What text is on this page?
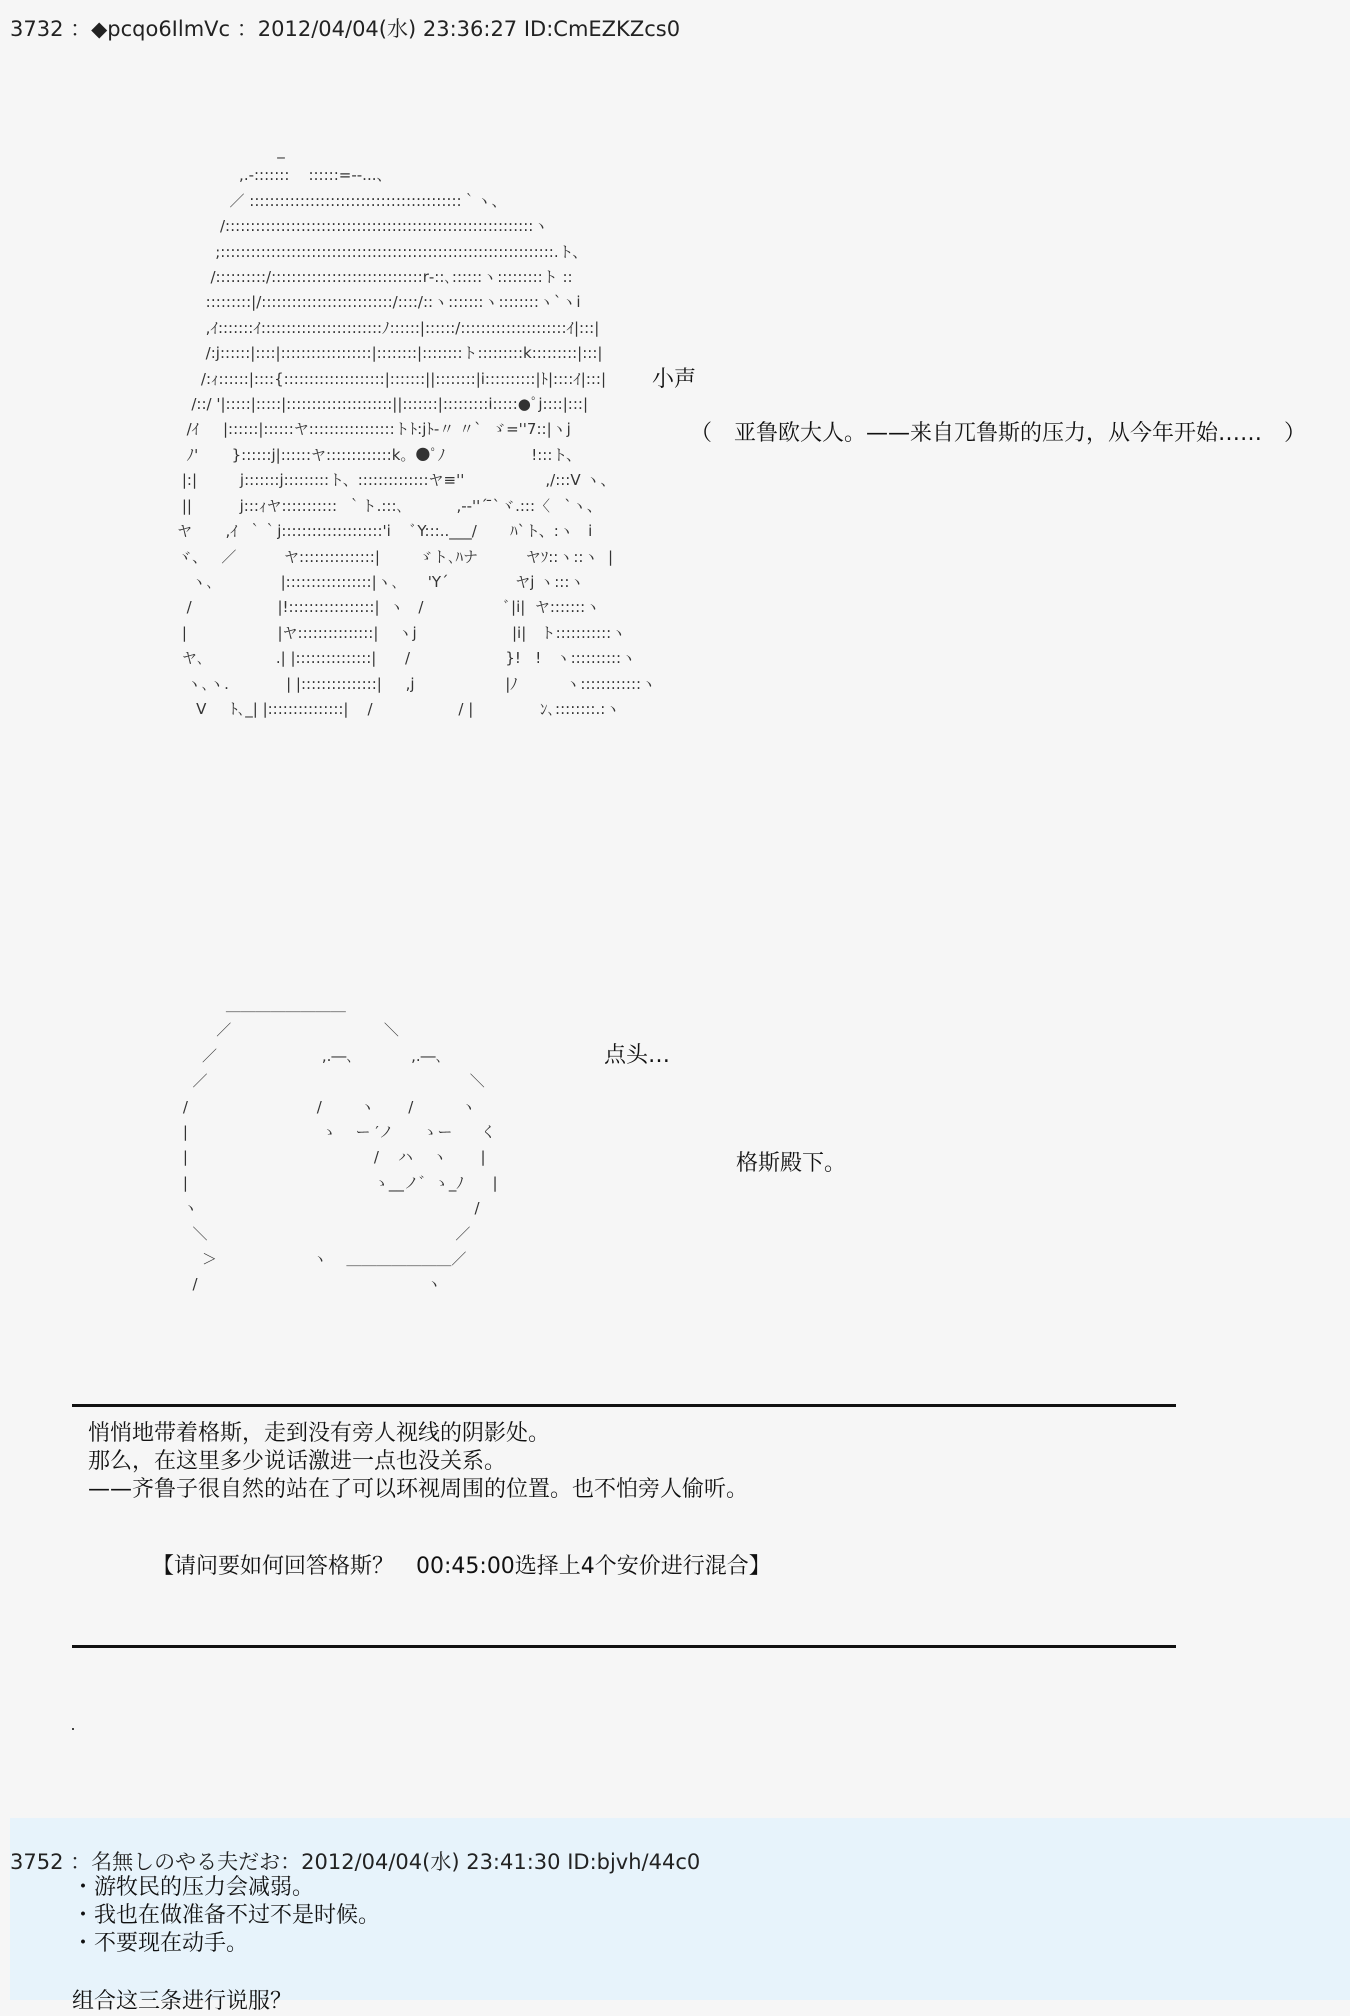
3732 ：◆pcqo6IlmVc ：2012/04/04(水) 23:36:27 ID:CmEZKZcs0
_
,.-:::::::    ::::::=-‐...、
／ ::::::::::::::::::::::::::::::::::::::::::｀ヽ、
/:::::::::::::::::::::::::::::::::::::::::::::::::::::::::::::ヽ
;::::::::::::::::::::::::::::::::::::::::::::::::::::::::::::::::::.ト、
/::::::::::/::::::::::::::::::::::::::::::r‐::､::::::ヽ:::::::::ト ::
:::::::::|/::::::::::::::::::::::::::/::::/::ヽ:::::::ヽ::::::::ヽ`ヽi
,ｲ:::::::ｲ::::::::::::::::::::::::ﾉ::::::|::::::/:::::::::::::::::::::ｲ|:::|
/:j::::::|::::|::::::::::::::::::|::::::::|::::::::ト:::::::::k:::::::::|:::|
/:ｨ::::::|::::{::::::::::::::::::::|:::::::||::::::::|i::::::::::|ﾄ|::::ｲ|:::|
/::/ '|:::::|:::::|:::::::::::::::::::::||:::::::|:::::::::i:::::●ﾟj::::|:::|
/ｲ     |::::::|::::::ヤ:::::::::::::::::トﾄ:jﾄ‐〃 〃`  ゞ=''7::|ヽj
ﾉ'       }::::::j|::::::ヤ:::::::::::::k。●ﾟﾉ                  !:::ト、
|:|         j:::::::j:::::::::ト、::::::::::::::ヤ≡''                 ,/:::V ヽ、
||          j:::ｨヤ:::::::::::  ｀ト.:::､           ,-‐''´ ̄`ヾ.:::〈   `ヽ、
ヤ       ,ｲ  ｀｀j::::::::::::::::::::'i    ﾞY:::..___/       ﾊ`ト、:ヽ   i
ヾ、   ／          ヤ:::::::::::::::|        ゞト､ﾊナ          ヤｿ::ヽ::ヽ  |
ヽ､              |:::::::::::::::::|ヽ､      'Y´              ヤj ヽ:::ヽ
/                  |!:::::::::::::::::|  ヽ   /                 ﾞ|i|  ヤ:::::::ヽ
|                   |ヤ:::::::::::::::|    ヽj                    |i|   ト:::::::::::ヽ
ヤ､               .| |:::::::::::::::|      /                    }!   !   ヽ::::::::::ヽ
ヽ､ヽ.            | |:::::::::::::::|     ,j                   |ﾉ          ヽ::::::::::::ヽ
V     ﾄ､_| |:::::::::::::::|    /                  / |              ﾝ､::::::::.:ヽ
小声
（　亚鲁欧大人。——来自兀鲁斯的压力，从今年开始……　）
＿＿＿＿＿＿＿＿
／                                ＼
／                      ,.―､            ,.―､
／                                                       ＼
/                           /        ヽ       /          ヽ
|                            ゝ    ー ′ノ      ゝー      く
|                                       /    ハ    ヽ       |
|                                       ゝ__ノ゛ゝ_ﾉ      |
ヽ                                                          /
＼                                                    ／
＞                    ヽ    ＿＿＿＿＿＿＿／
/                                                ヽ
点头…
格斯殿下。
悄悄地带着格斯，走到没有旁人视线的阴影处。
那么，在这里多少说话激进一点也没关系。
——齐鲁子很自然的站在了可以环视周围的位置。也不怕旁人偷听。
【请问要如何回答格斯？　00:45:00选择上4个安价进行混合】
3752 ：名無しのやる夫だお：2012/04/04(水) 23:41:30 ID:bjvh/44c0
・游牧民的压力会减弱。
・我也在做准备不过不是时候。
・不要现在动手。
组合这三条进行说服？
